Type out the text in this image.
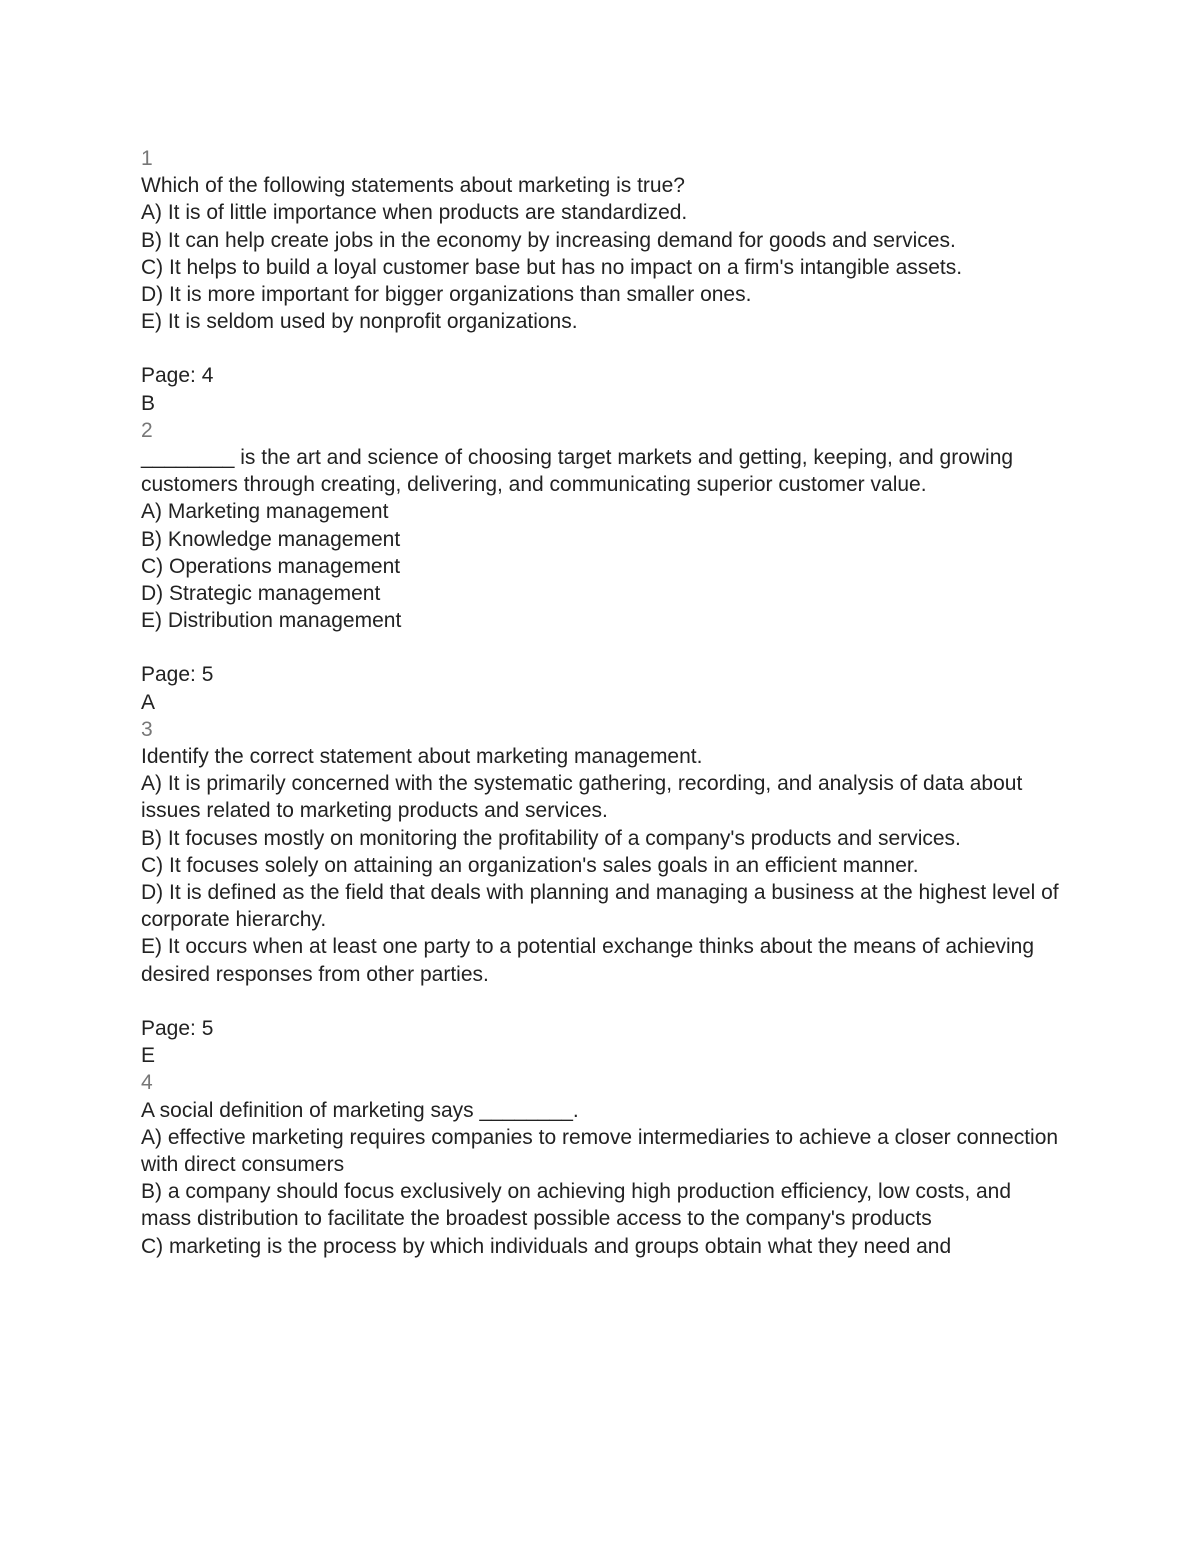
1
Which of the following statements about marketing is true?
A) It is of little importance when products are standardized.
B) It can help create jobs in the economy by increasing demand for goods and services.
C) It helps to build a loyal customer base but has no impact on a firm's intangible assets.
D) It is more important for bigger organizations than smaller ones.
E) It is seldom used by nonprofit organizations.
Page: 4
B
2
________ is the art and science of choosing target markets and getting, keeping, and growing customers through creating, delivering, and communicating superior customer value.
A) Marketing management
B) Knowledge management
C) Operations management
D) Strategic management
E) Distribution management
Page: 5
A
3
Identify the correct statement about marketing management.
A) It is primarily concerned with the systematic gathering, recording, and analysis of data about issues related to marketing products and services.
B) It focuses mostly on monitoring the profitability of a company's products and services.
C) It focuses solely on attaining an organization's sales goals in an efficient manner.
D) It is defined as the field that deals with planning and managing a business at the highest level of corporate hierarchy.
E) It occurs when at least one party to a potential exchange thinks about the means of achieving desired responses from other parties.
Page: 5
E
4
A social definition of marketing says ________.
A) effective marketing requires companies to remove intermediaries to achieve a closer connection with direct consumers
B) a company should focus exclusively on achieving high production efficiency, low costs, and mass distribution to facilitate the broadest possible access to the company's products
C) marketing is the process by which individuals and groups obtain what they need and
